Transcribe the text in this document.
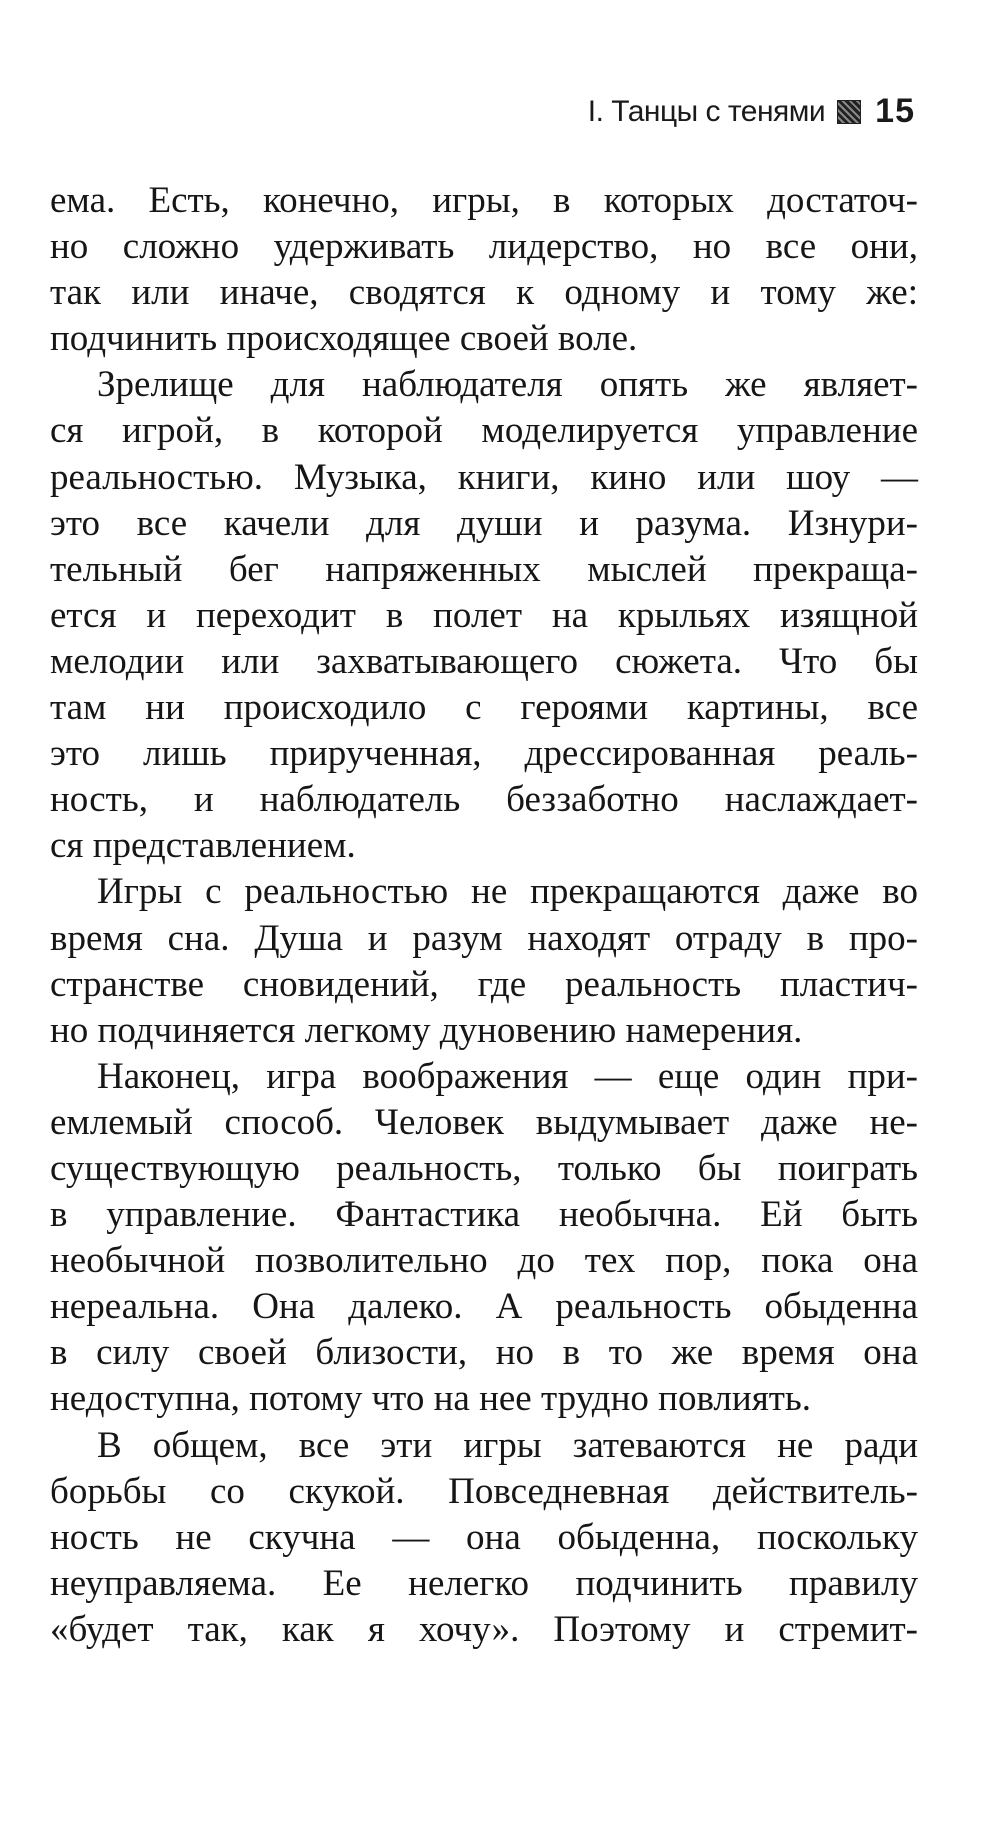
I. Танцы с тенями 15
ема. Есть, конечно, игры, в которых достаточ-
но сложно удерживать лидерство, но все они,
так или иначе, сводятся к одному и тому же:
подчинить происходящее своей воле.
Зрелище для наблюдателя опять же являет-
ся игрой, в которой моделируется управление
реальностью. Музыка, книги, кино или шоу —
это все качели для души и разума. Изнури-
тельный бег напряженных мыслей прекраща-
ется и переходит в полет на крыльях изящной
мелодии или захватывающего сюжета. Что бы
там ни происходило с героями картины, все
это лишь прирученная, дрессированная реаль-
ность, и наблюдатель беззаботно наслаждает-
ся представлением.
Игры с реальностью не прекращаются даже во
время сна. Душа и разум находят отраду в про-
странстве сновидений, где реальность пластич-
но подчиняется легкому дуновению намерения.
Наконец, игра воображения — еще один при-
емлемый способ. Человек выдумывает даже не-
существующую реальность, только бы поиграть
в управление. Фантастика необычна. Ей быть
необычной позволительно до тех пор, пока она
нереальна. Она далеко. А реальность обыденна
в силу своей близости, но в то же время она
недоступна, потому что на нее трудно повлиять.
В общем, все эти игры затеваются не ради
борьбы со скукой. Повседневная действитель-
ность не скучна — она обыденна, поскольку
неуправляема. Ее нелегко подчинить правилу
«будет так, как я хочу». Поэтому и стремит-
